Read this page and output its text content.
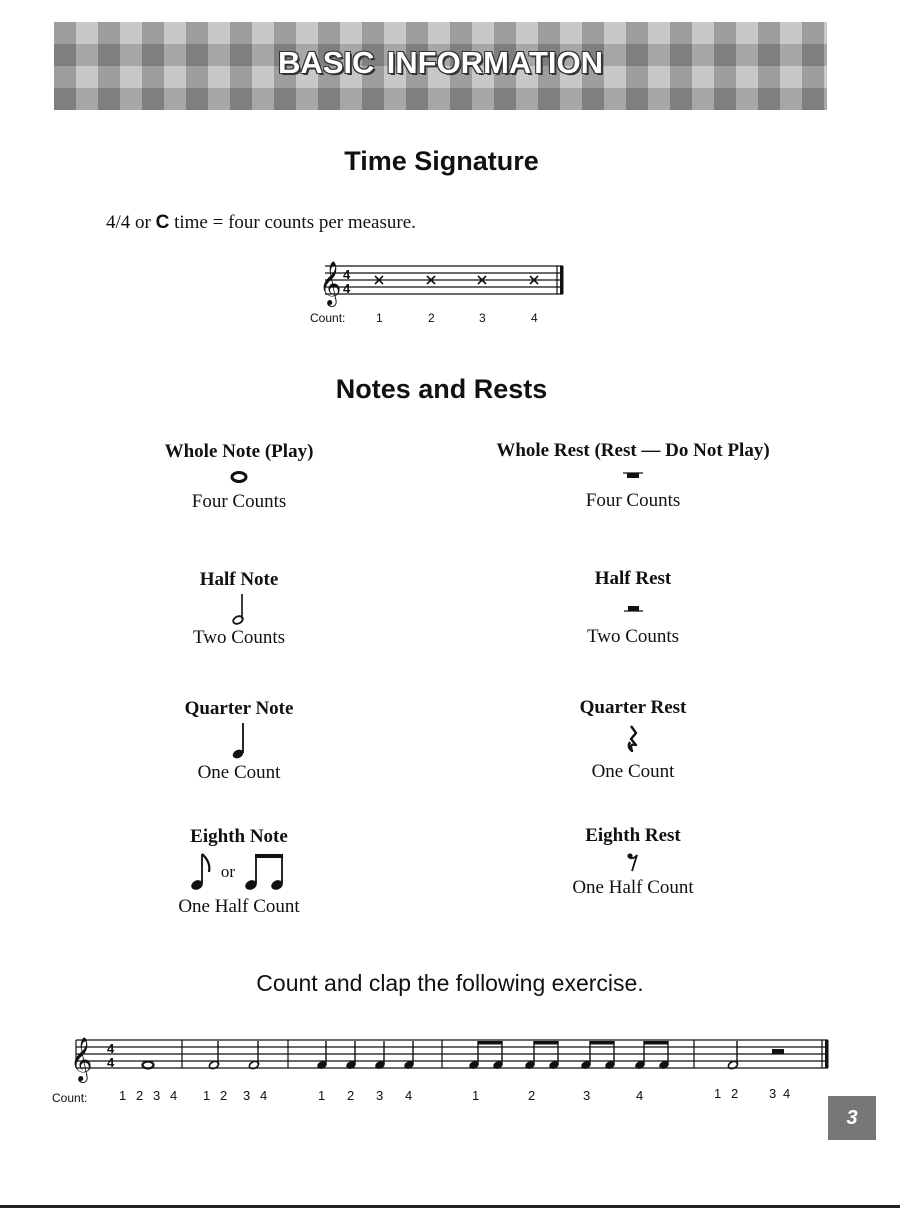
basic information
Time Signature
4/4 or C time = four counts per measure.
𝄞 4
4
Count:	1	2	3	4
Notes and Rests
Whole Note (Play)
Four Counts
Half Note
Two Counts
Quarter Note
One Count
Eighth Note
or
One Half Count
Whole Rest (Rest — Do Not Play)
Four Counts
Half Rest
Two Counts
Quarter Rest
One Count
Eighth Rest
One Half Count
Count and clap the following exercise.
𝄞 4
4
Count: 1 2 3 4 1 2 3 4	1 2 3 4	1	2	3	4	1 2 3 4
3
